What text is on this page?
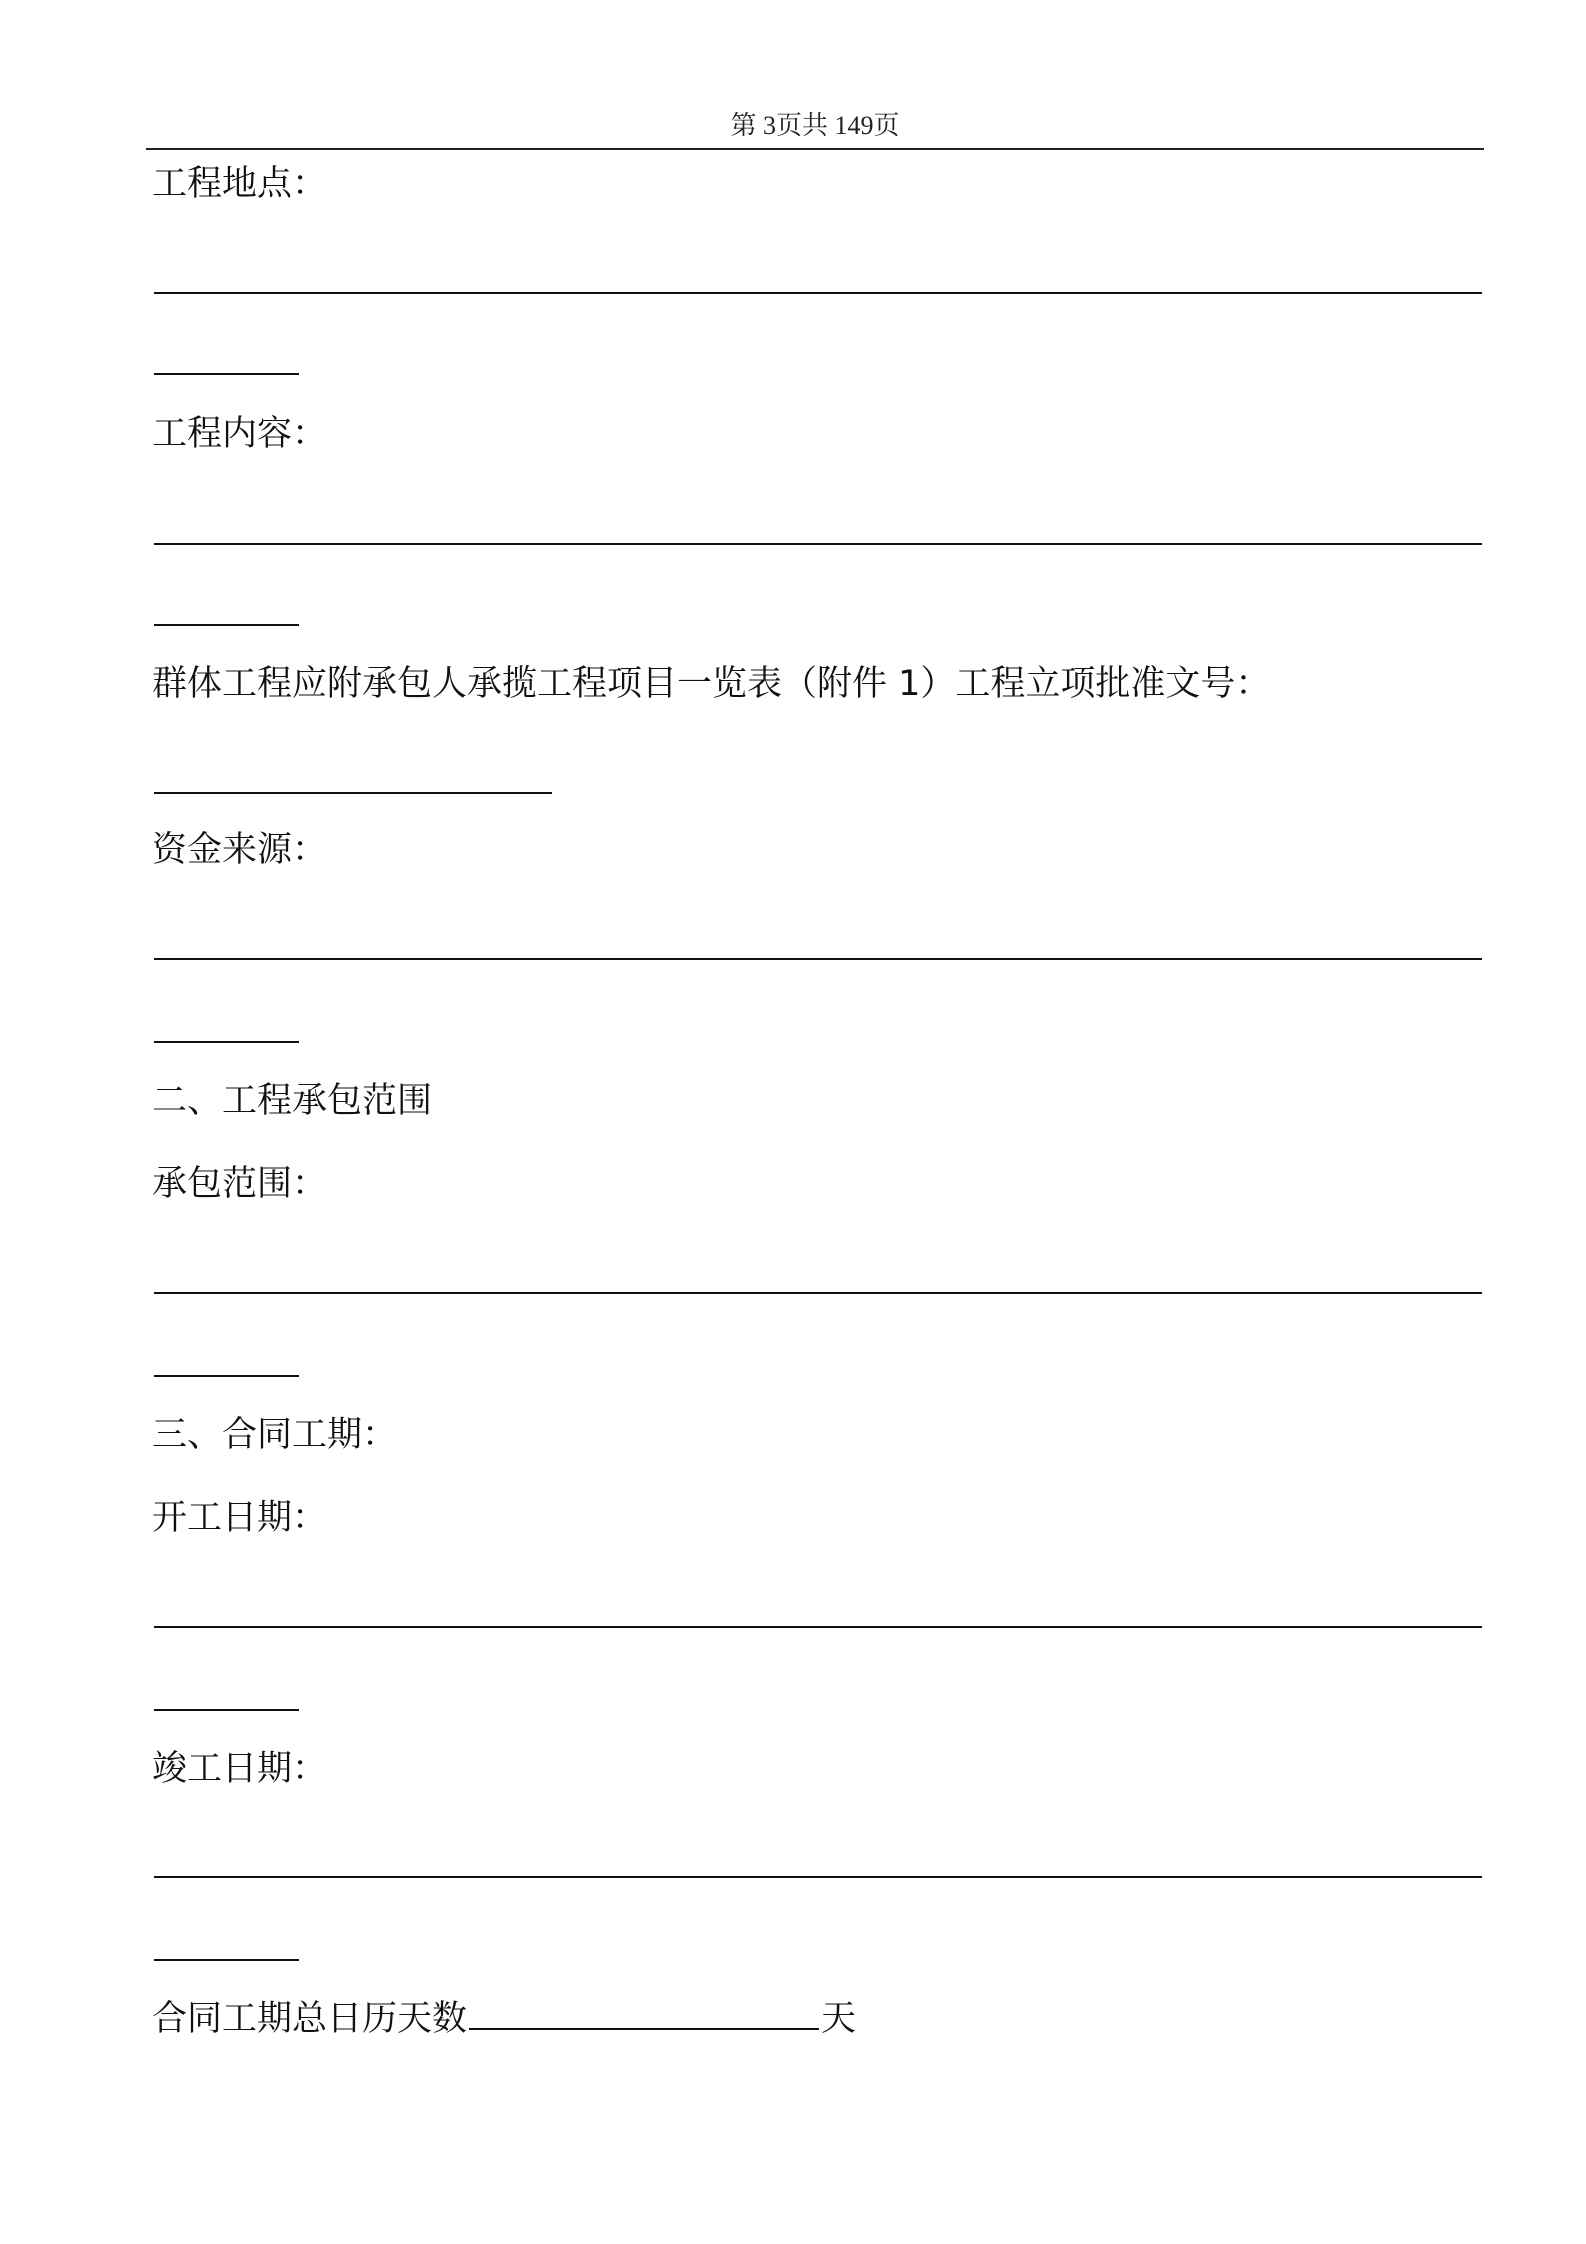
第 3页共 149页
工程地点：
工程内容：
群体工程应附承包人承揽工程项目一览表（附件 1）工程立项批准文号：
资金来源：
二、工程承包范围
承包范围：
三、合同工期：
开工日期：
竣工日期：
合同工期总日历天数	天
